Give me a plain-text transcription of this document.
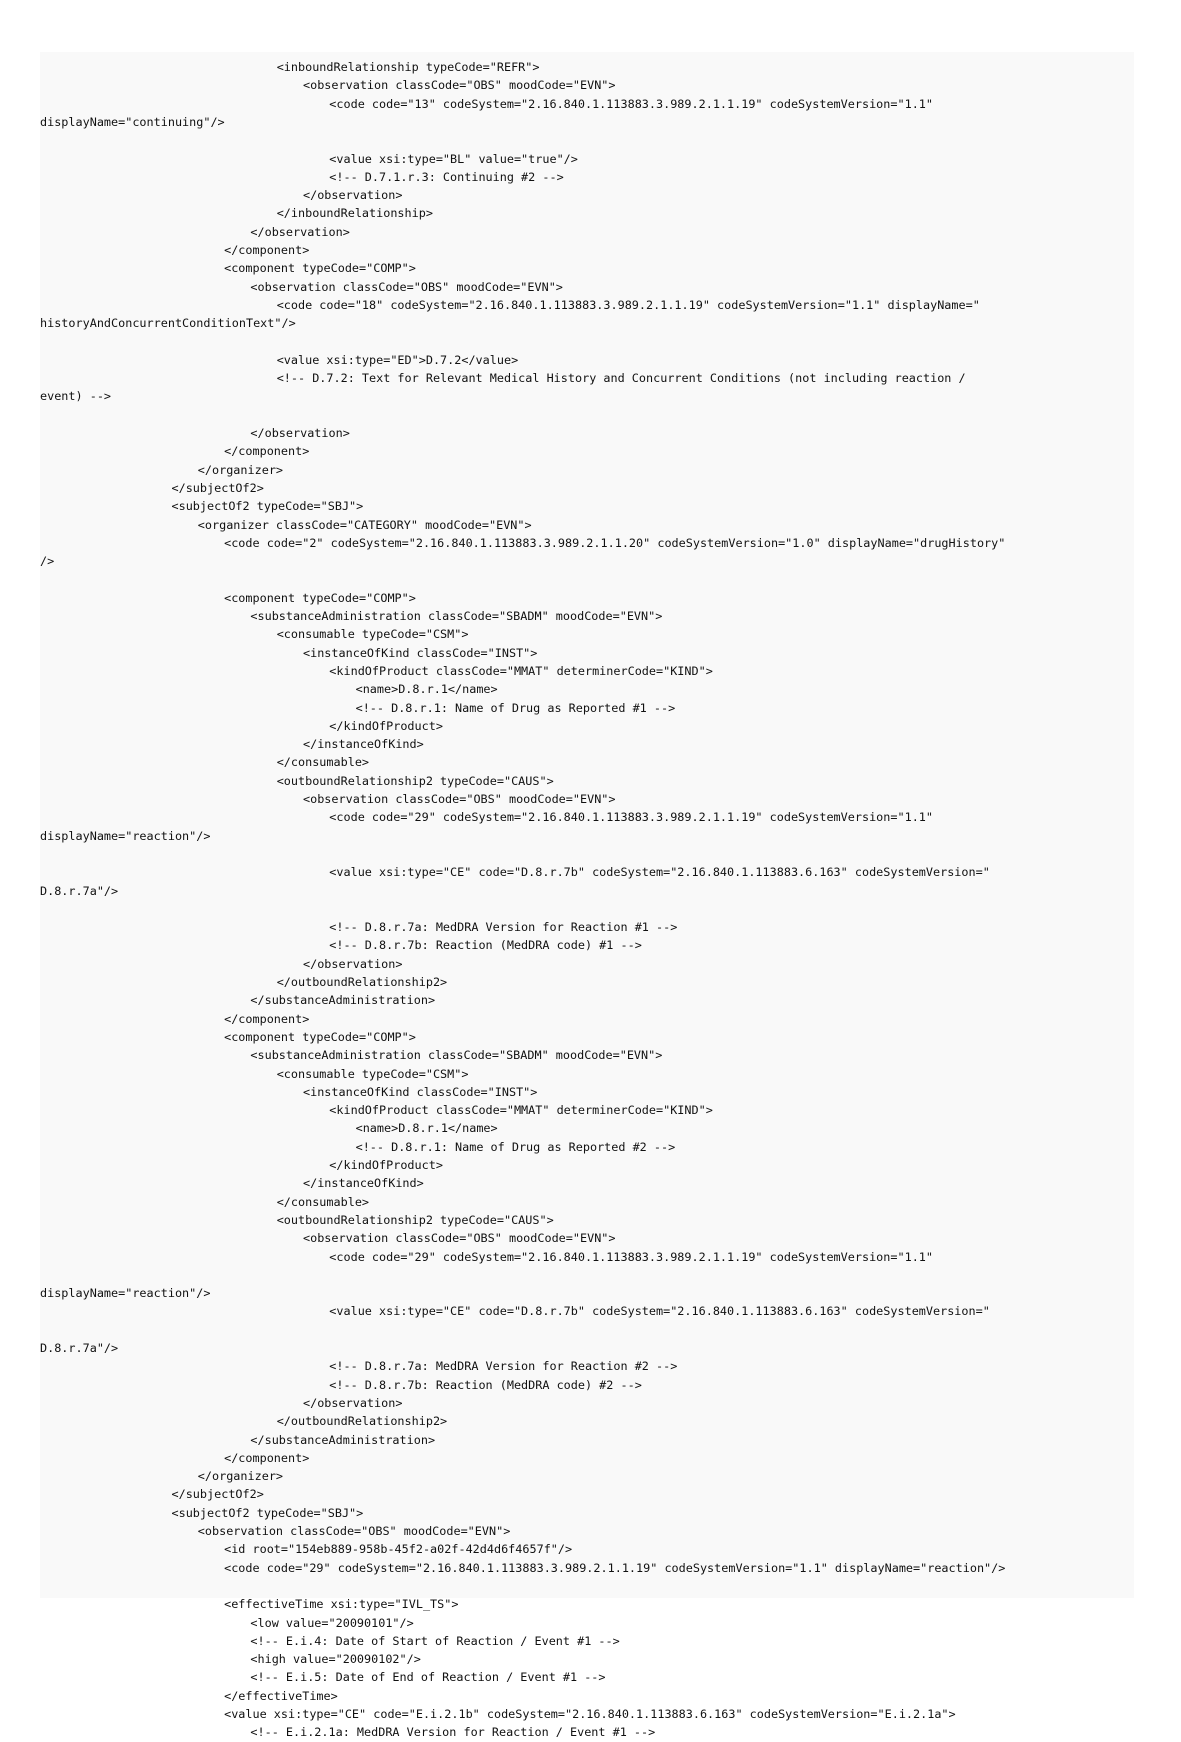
<inboundRelationship typeCode="REFR">
<observation classCode="OBS" moodCode="EVN">
<code code="13" codeSystem="2.16.840.1.113883.3.989.2.1.1.19" codeSystemVersion="1.1"
displayName="continuing"/>
<value xsi:type="BL" value="true"/>
<!-- D.7.1.r.3: Continuing #2 -->
</observation>
</inboundRelationship>
</observation>
</component>
<component typeCode="COMP">
<observation classCode="OBS" moodCode="EVN">
<code code="18" codeSystem="2.16.840.1.113883.3.989.2.1.1.19" codeSystemVersion="1.1" displayName="
historyAndConcurrentConditionText"/>
<value xsi:type="ED">D.7.2</value>
<!-- D.7.2: Text for Relevant Medical History and Concurrent Conditions (not including reaction /
event) -->
</observation>
</component>
</organizer>
</subjectOf2>
<subjectOf2 typeCode="SBJ">
<organizer classCode="CATEGORY" moodCode="EVN">
<code code="2" codeSystem="2.16.840.1.113883.3.989.2.1.1.20" codeSystemVersion="1.0" displayName="drugHistory"
/>
<component typeCode="COMP">
<substanceAdministration classCode="SBADM" moodCode="EVN">
<consumable typeCode="CSM">
<instanceOfKind classCode="INST">
<kindOfProduct classCode="MMAT" determinerCode="KIND">
<name>D.8.r.1</name>
<!-- D.8.r.1: Name of Drug as Reported #1 -->
</kindOfProduct>
</instanceOfKind>
</consumable>
<outboundRelationship2 typeCode="CAUS">
<observation classCode="OBS" moodCode="EVN">
<code code="29" codeSystem="2.16.840.1.113883.3.989.2.1.1.19" codeSystemVersion="1.1"
displayName="reaction"/>
<value xsi:type="CE" code="D.8.r.7b" codeSystem="2.16.840.1.113883.6.163" codeSystemVersion="
D.8.r.7a"/>
<!-- D.8.r.7a: MedDRA Version for Reaction #1 -->
<!-- D.8.r.7b: Reaction (MedDRA code) #1 -->
</observation>
</outboundRelationship2>
</substanceAdministration>
</component>
<component typeCode="COMP">
<substanceAdministration classCode="SBADM" moodCode="EVN">
<consumable typeCode="CSM">
<instanceOfKind classCode="INST">
<kindOfProduct classCode="MMAT" determinerCode="KIND">
<name>D.8.r.1</name>
<!-- D.8.r.1: Name of Drug as Reported #2 -->
</kindOfProduct>
</instanceOfKind>
</consumable>
<outboundRelationship2 typeCode="CAUS">
<observation classCode="OBS" moodCode="EVN">
<code code="29" codeSystem="2.16.840.1.113883.3.989.2.1.1.19" codeSystemVersion="1.1"
displayName="reaction"/>
<value xsi:type="CE" code="D.8.r.7b" codeSystem="2.16.840.1.113883.6.163" codeSystemVersion="
D.8.r.7a"/>
<!-- D.8.r.7a: MedDRA Version for Reaction #2 -->
<!-- D.8.r.7b: Reaction (MedDRA code) #2 -->
</observation>
</outboundRelationship2>
</substanceAdministration>
</component>
</organizer>
</subjectOf2>
<subjectOf2 typeCode="SBJ">
<observation classCode="OBS" moodCode="EVN">
<id root="154eb889-958b-45f2-a02f-42d4d6f4657f"/>
<code code="29" codeSystem="2.16.840.1.113883.3.989.2.1.1.19" codeSystemVersion="1.1" displayName="reaction"/>
<effectiveTime xsi:type="IVL_TS">
<low value="20090101"/>
<!-- E.i.4: Date of Start of Reaction / Event #1 -->
<high value="20090102"/>
<!-- E.i.5: Date of End of Reaction / Event #1 -->
</effectiveTime>
<value xsi:type="CE" code="E.i.2.1b" codeSystem="2.16.840.1.113883.6.163" codeSystemVersion="E.i.2.1a">
<!-- E.i.2.1a: MedDRA Version for Reaction / Event #1 -->
